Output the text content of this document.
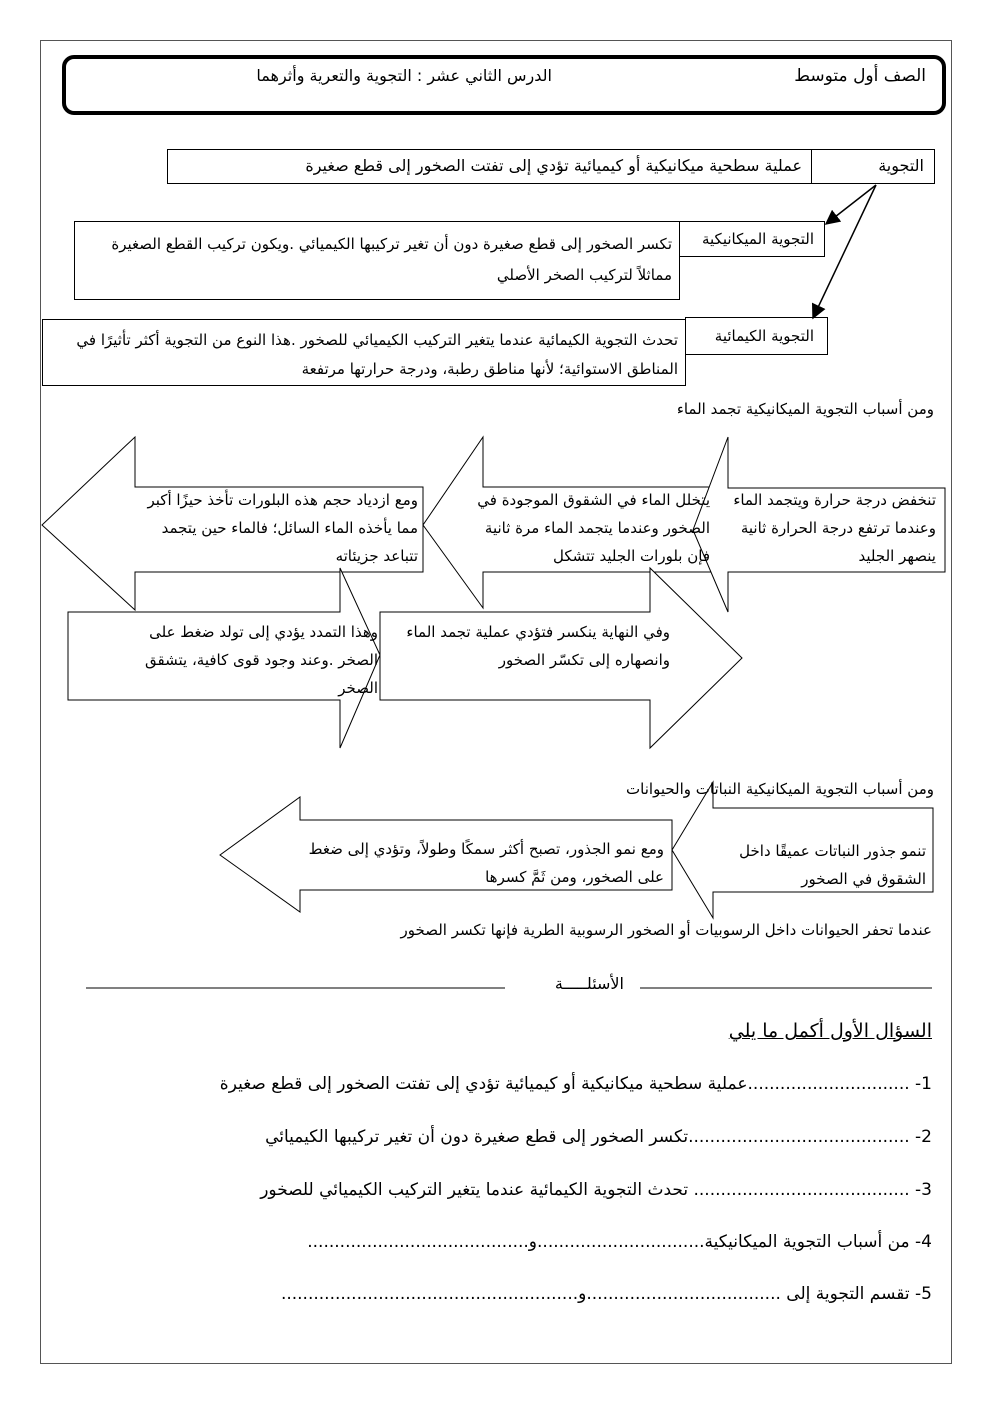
الصف أول متوسط
الدرس الثاني عشر : التجوية والتعرية وأثرهما
التجوية
عملية سطحية ميكانيكية أو كيميائية تؤدي إلى تفتت الصخور إلى قطع صغيرة
التجوية الميكانيكية
تكسر الصخور إلى قطع صغيرة دون أن تغير تركيبها الكيميائي .ويكون تركيب القطع الصغيرة مماثلاً لتركيب الصخر الأصلي
التجوية الكيمائية
تحدث التجوية الكيمائية عندما يتغير التركيب الكيميائي للصخور .هذا النوع من التجوية أكثر تأثيرًا في المناطق الاستوائية؛ لأنها مناطق رطبة، ودرجة حرارتها مرتفعة
ومن أسباب التجوية الميكانيكية تجمد الماء
تنخفض درجة حرارة ويتجمد الماء وعندما ترتفع درجة الحرارة ثانية ينصهر الجليد
يتخلل الماء في الشقوق الموجودة في الصخور وعندما يتجمد الماء مرة ثانية فإن بلورات الجليد تتشكل
ومع ازدياد حجم هذه البلورات تأخذ حيزًا أكبر مما يأخذه الماء السائل؛ فالماء حين يتجمد تتباعد جزيئاته
وهذا التمدد يؤدي إلى تولد ضغط على الصخر .وعند وجود قوى كافية، يتشقق الصخر
وفي النهاية ينكسر فتؤدي عملية تجمد الماء وانصهاره إلى تكسّر الصخور
ومن أسباب التجوية الميكانيكية النباتات والحيوانات
تنمو جذور النباتات عميقًا داخل الشقوق في الصخور
ومع نمو الجذور، تصبح أكثر سمكًا وطولاً، وتؤدي إلى ضغط على الصخور، ومن ثَمَّ كسرها
عندما تحفر الحيوانات داخل الرسوبيات أو الصخور الرسوبية الطرية فإنها تكسر الصخور
الأسئلـــــة
السؤال الأول أكمل ما يلي
1- ..............................عملية سطحية ميكانيكية أو كيميائية تؤدي إلى تفتت الصخور إلى قطع صغيرة
2- .........................................تكسر الصخور إلى قطع صغيرة دون أن تغير تركيبها الكيميائي
3- ........................................ تحدث التجوية الكيمائية عندما يتغير التركيب الكيميائي للصخور
4- من أسباب التجوية الميكانيكية...............................و.........................................
5- تقسم التجوية إلى ....................................و.......................................................
